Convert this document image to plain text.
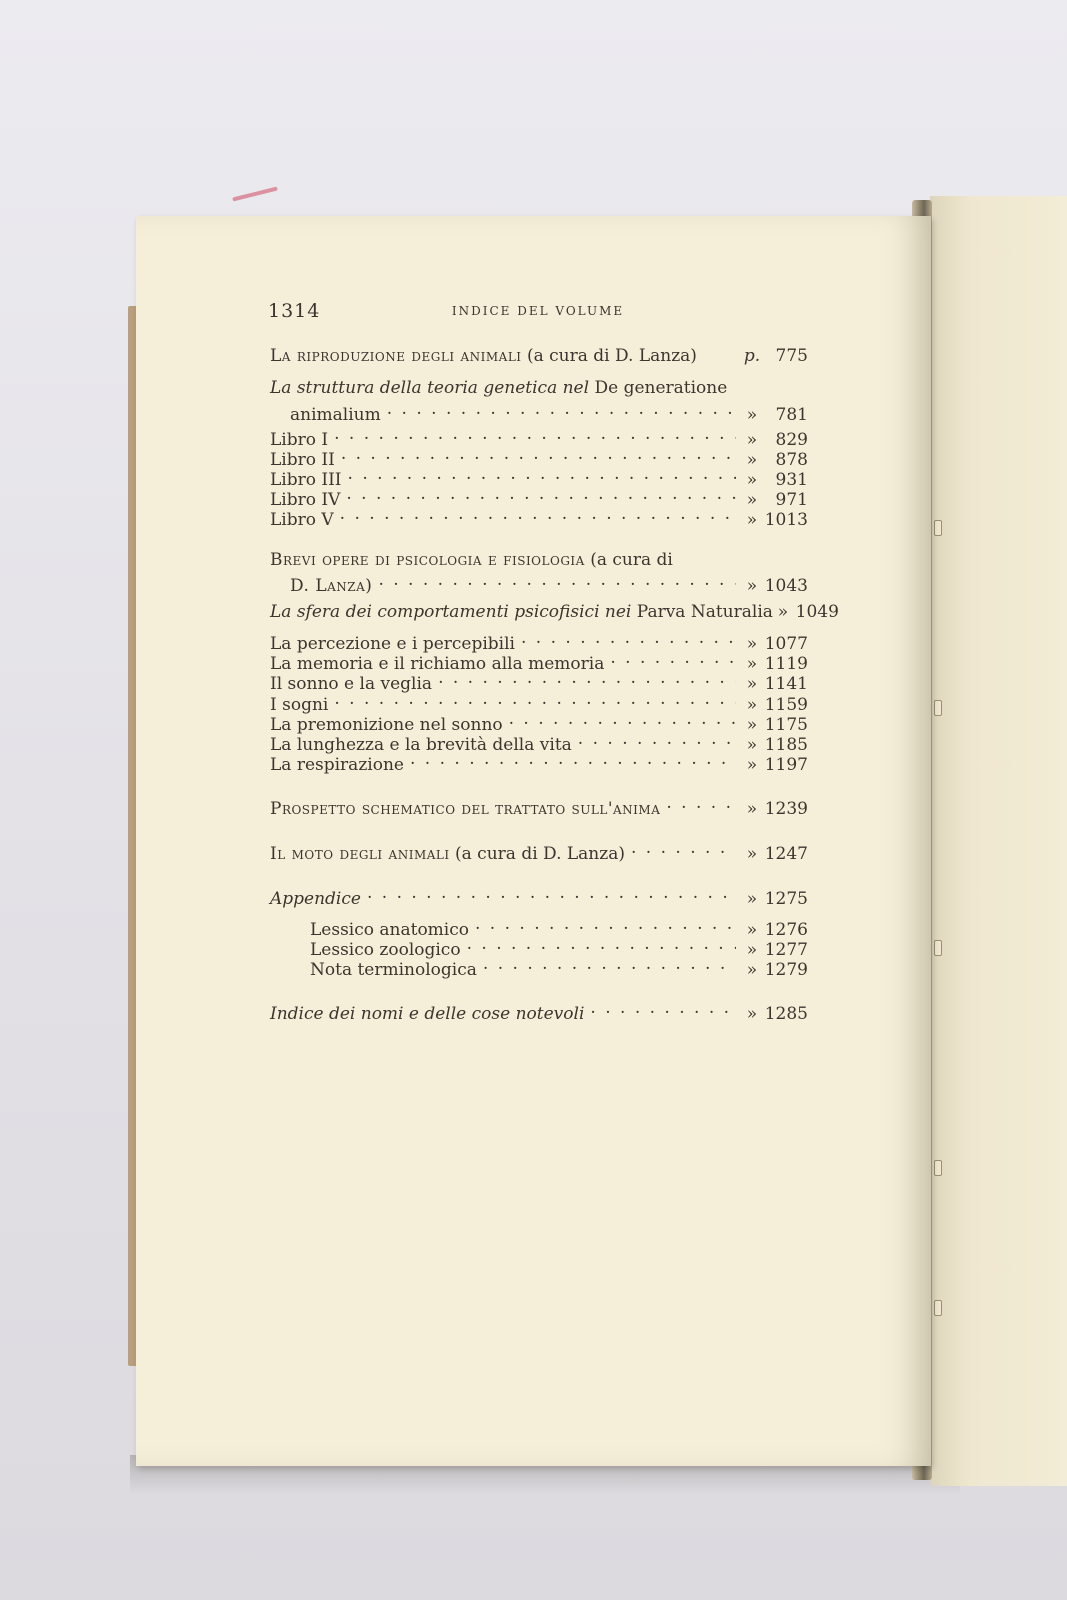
1314	INDICE DEL VOLUME
La riproduzione degli animali (a cura di D. Lanza)	p. 775
La struttura della teoria genetica nel De generatione
animalium . . .	»	781
Libro I . . .	»	829
Libro II . . .	»	878
Libro III . . .	»	931
Libro IV . . .	»	971
Libro V . . .	» 1013
Brevi opere di psicologia e fisiologia (a cura di
D. Lanza) . . .	» 1043
La sfera dei comportamenti psicofisici nei Parva Naturalia » 1049
La percezione e i percepibili . . .	» 1077
La memoria e il richiamo alla memoria . . .	» 1119
Il sonno e la veglia . . .	» 1141
I sogni . . .	» 1159
La premonizione nel sonno . . .	» 1175
La lunghezza e la brevità della vita . . .	» 1185
La respirazione . . .	» 1197
Prospetto schematico del trattato sull'anima . . .	» 1239
Il moto degli animali (a cura di D. Lanza) . . .	» 1247
Appendice . . .	» 1275
Lessico anatomico . . .	» 1276
Lessico zoologico . . .	» 1277
Nota terminologica . . .	» 1279
Indice dei nomi e delle cose notevoli . . .	» 1285
